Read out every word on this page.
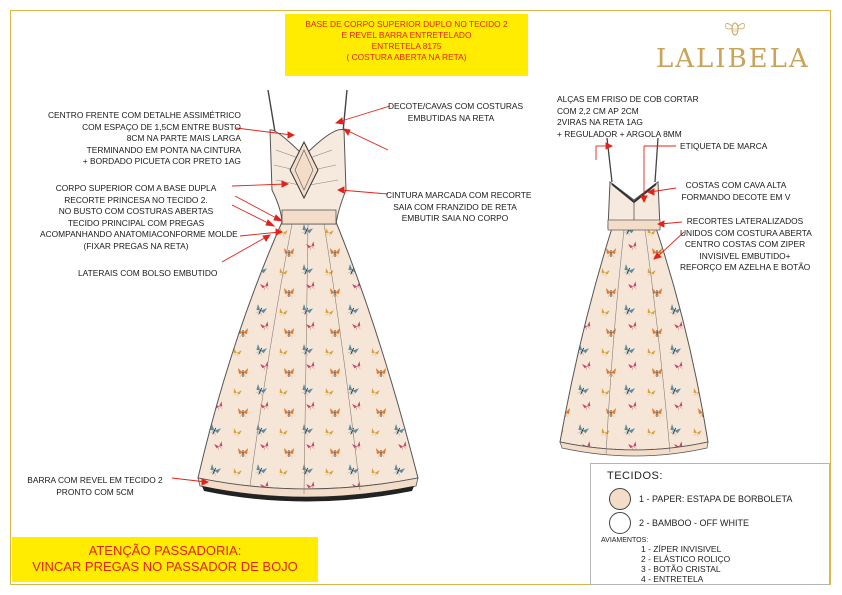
BASE DE CORPO SUPERIOR DUPLO NO TECIDO 2
E REVEL BARRA ENTRETELADO
ENTRETELA 8175
( COSTURA ABERTA NA RETA)	LALIBELA
CENTRO FRENTE COM DETALHE ASSIMÉTRICO
COM ESPAÇO DE 1,5CM ENTRE BUSTO
8CM NA PARTE MAIS LARGA
TERMINANDO EM PONTA NA CINTURA
+ BORDADO PICUETA COR PRETO 1AG
CORPO SUPERIOR COM A BASE DUPLA
RECORTE PRINCESA NO TECIDO 2.
NO BUSTO COM COSTURAS ABERTAS
TECIDO PRINCIPAL COM PREGAS
ACOMPANHANDO ANATOMIACONFORME MOLDE
(FIXAR PREGAS NA RETA)
LATERAIS COM BOLSO EMBUTIDO
BARRA COM REVEL EM TECIDO 2
PRONTO COM 5CM
DECOTE/CAVAS COM COSTURAS
EMBUTIDAS NA RETA
CINTURA MARCADA COM RECORTE
SAIA COM FRANZIDO DE RETA
EMBUTIR SAIA NO CORPO
ALÇAS EM FRISO DE COB CORTAR
COM 2,2 CM AP 2CM
2VIRAS NA RETA 1AG
+ REGULADOR + ARGOLA 8MM
ETIQUETA DE MARCA
COSTAS COM CAVA ALTA
FORMANDO DECOTE EM V
RECORTES LATERALIZADOS
UNIDOS COM COSTURA ABERTA
CENTRO COSTAS COM ZIPER
INVISIVEL EMBUTIDO+
REFORÇO EM AZELHA E BOTÃO
TECIDOS:
1 - PAPER: ESTAPA DE BORBOLETA
2 - BAMBOO - OFF WHITE
AVIAMENTOS:
1 - ZÍPER INVISIVEL
2 - ELÁSTICO ROLIÇO
3 - BOTÃO CRISTAL
4 - ENTRETELA
ATENÇÃO PASSADORIA:
VINCAR PREGAS NO PASSADOR DE BOJO
